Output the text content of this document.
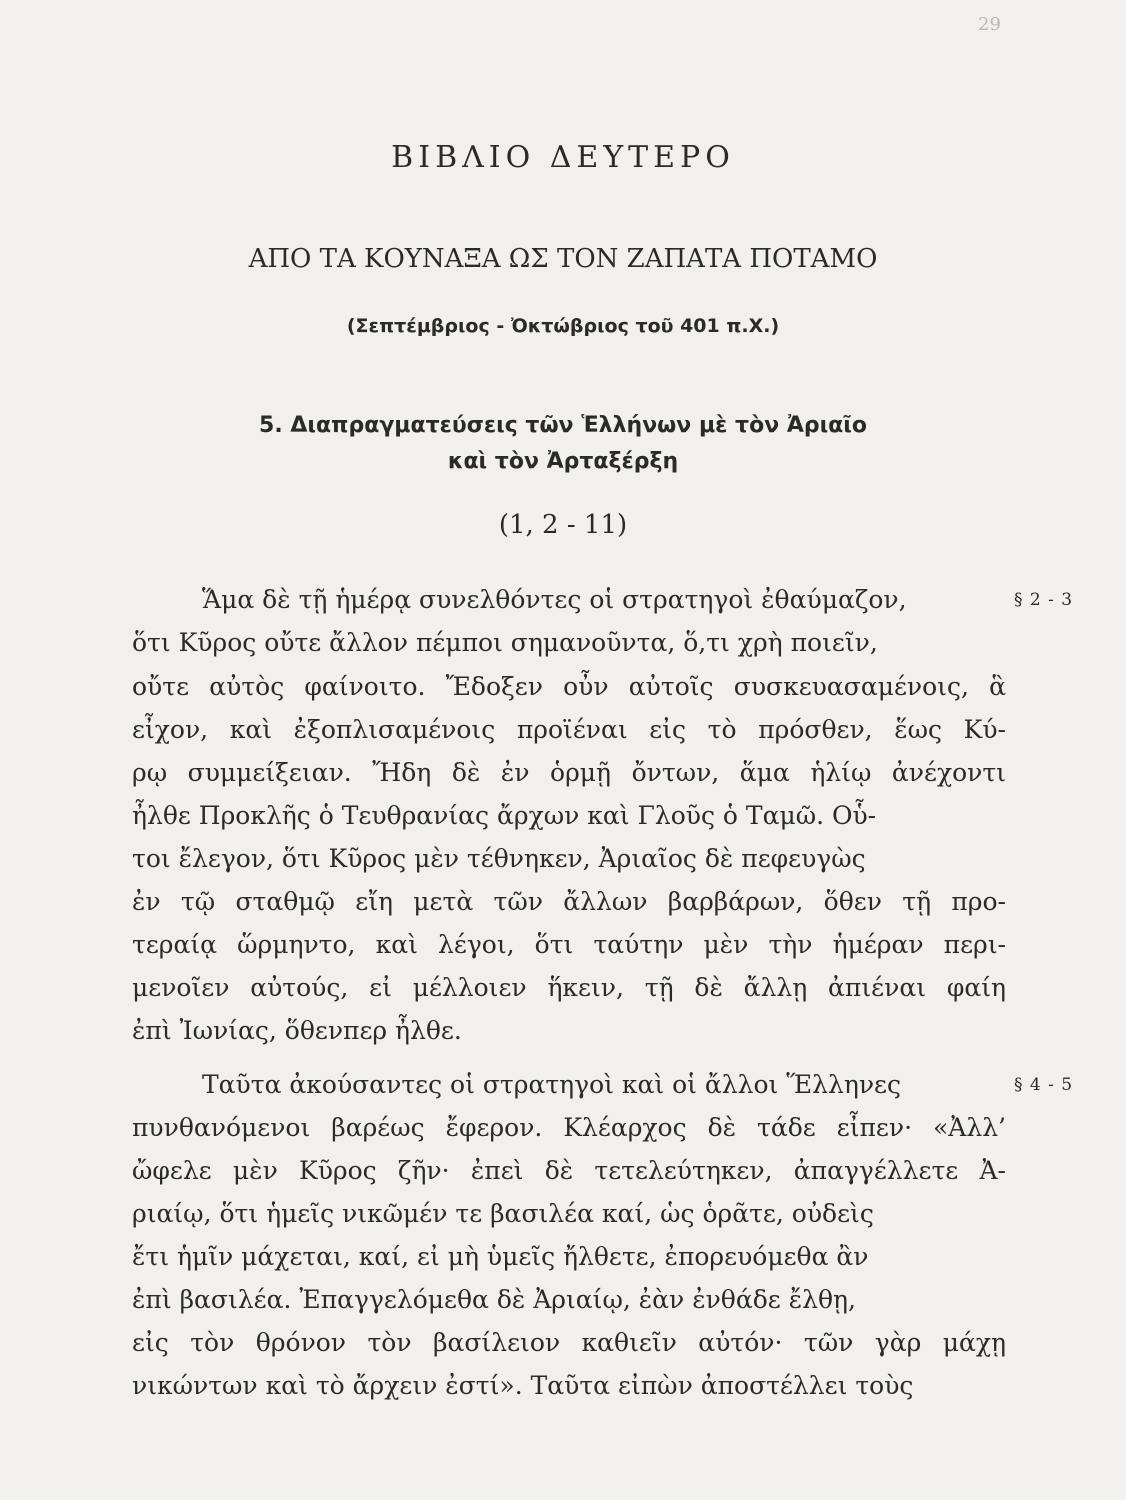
29
ΒΙΒΛΙΟ ΔΕΥΤΕΡΟ
ΑΠΟ ΤΑ ΚΟΥΝΑΞΑ ΩΣ ΤΟΝ ΖΑΠΑΤΑ ΠΟΤΑΜΟ
(Σεπτέμβριος - Ὀκτώβριος τοῦ 401 π.Χ.)
5. Διαπραγματεύσεις τῶν Ἑλλήνων μὲ τὸν Ἀριαῖο
καὶ τὸν Ἀρταξέρξη
(1, 2 - 11)
§ 2 - 3
§ 4 - 5
Ἅμα δὲ τῇ ἡμέρᾳ συνελθόντες οἱ στρατηγοὶ ἐθαύμαζον,
ὅτι Κῦρος οὔτε ἄλλον πέμποι σημανοῦντα, ὅ,τι χρὴ ποιεῖν,
οὔτε αὐτὸς φαίνοιτο. Ἔδοξεν οὖν αὐτοῖς συσκευασαμένοις, ἃ
εἶχον, καὶ ἐξοπλισαμένοις προϊέναι εἰς τὸ πρόσθεν, ἕως Κύ-
ρῳ συμμείξειαν. Ἤδη δὲ ἐν ὁρμῇ ὄντων, ἅμα ἡλίῳ ἀνέχοντι
ἦλθε Προκλῆς ὁ Τευθρανίας ἄρχων καὶ Γλοῦς ὁ Ταμῶ. Οὗ-
τοι ἔλεγον, ὅτι Κῦρος μὲν τέθνηκεν, Ἀριαῖος δὲ πεφευγὼς
ἐν τῷ σταθμῷ εἴη μετὰ τῶν ἄλλων βαρβάρων, ὅθεν τῇ προ-
τεραίᾳ ὥρμηντο, καὶ λέγοι, ὅτι ταύτην μὲν τὴν ἡμέραν περι-
μενοῖεν αὐτούς, εἰ μέλλοιεν ἥκειν, τῇ δὲ ἄλλῃ ἀπιέναι φαίη
ἐπὶ Ἰωνίας, ὅθενπερ ἦλθε.
Ταῦτα ἀκούσαντες οἱ στρατηγοὶ καὶ οἱ ἄλλοι Ἕλληνες
πυνθανόμενοι βαρέως ἔφερον. Κλέαρχος δὲ τάδε εἶπεν· «Ἀλλ’
ὤφελε μὲν Κῦρος ζῆν· ἐπεὶ δὲ τετελεύτηκεν, ἀπαγγέλλετε Ἀ-
ριαίῳ, ὅτι ἡμεῖς νικῶμέν τε βασιλέα καί, ὡς ὁρᾶτε, οὐδεὶς
ἔτι ἡμῖν μάχεται, καί, εἰ μὴ ὑμεῖς ἤλθετε, ἐπορευόμεθα ἂν
ἐπὶ βασιλέα. Ἐπαγγελόμεθα δὲ Ἀριαίῳ, ἐὰν ἐνθάδε ἔλθῃ,
εἰς τὸν θρόνον τὸν βασίλειον καθιεῖν αὐτόν· τῶν γὰρ μάχῃ
νικώντων καὶ τὸ ἄρχειν ἐστί». Ταῦτα εἰπὼν ἀποστέλλει τοὺς
